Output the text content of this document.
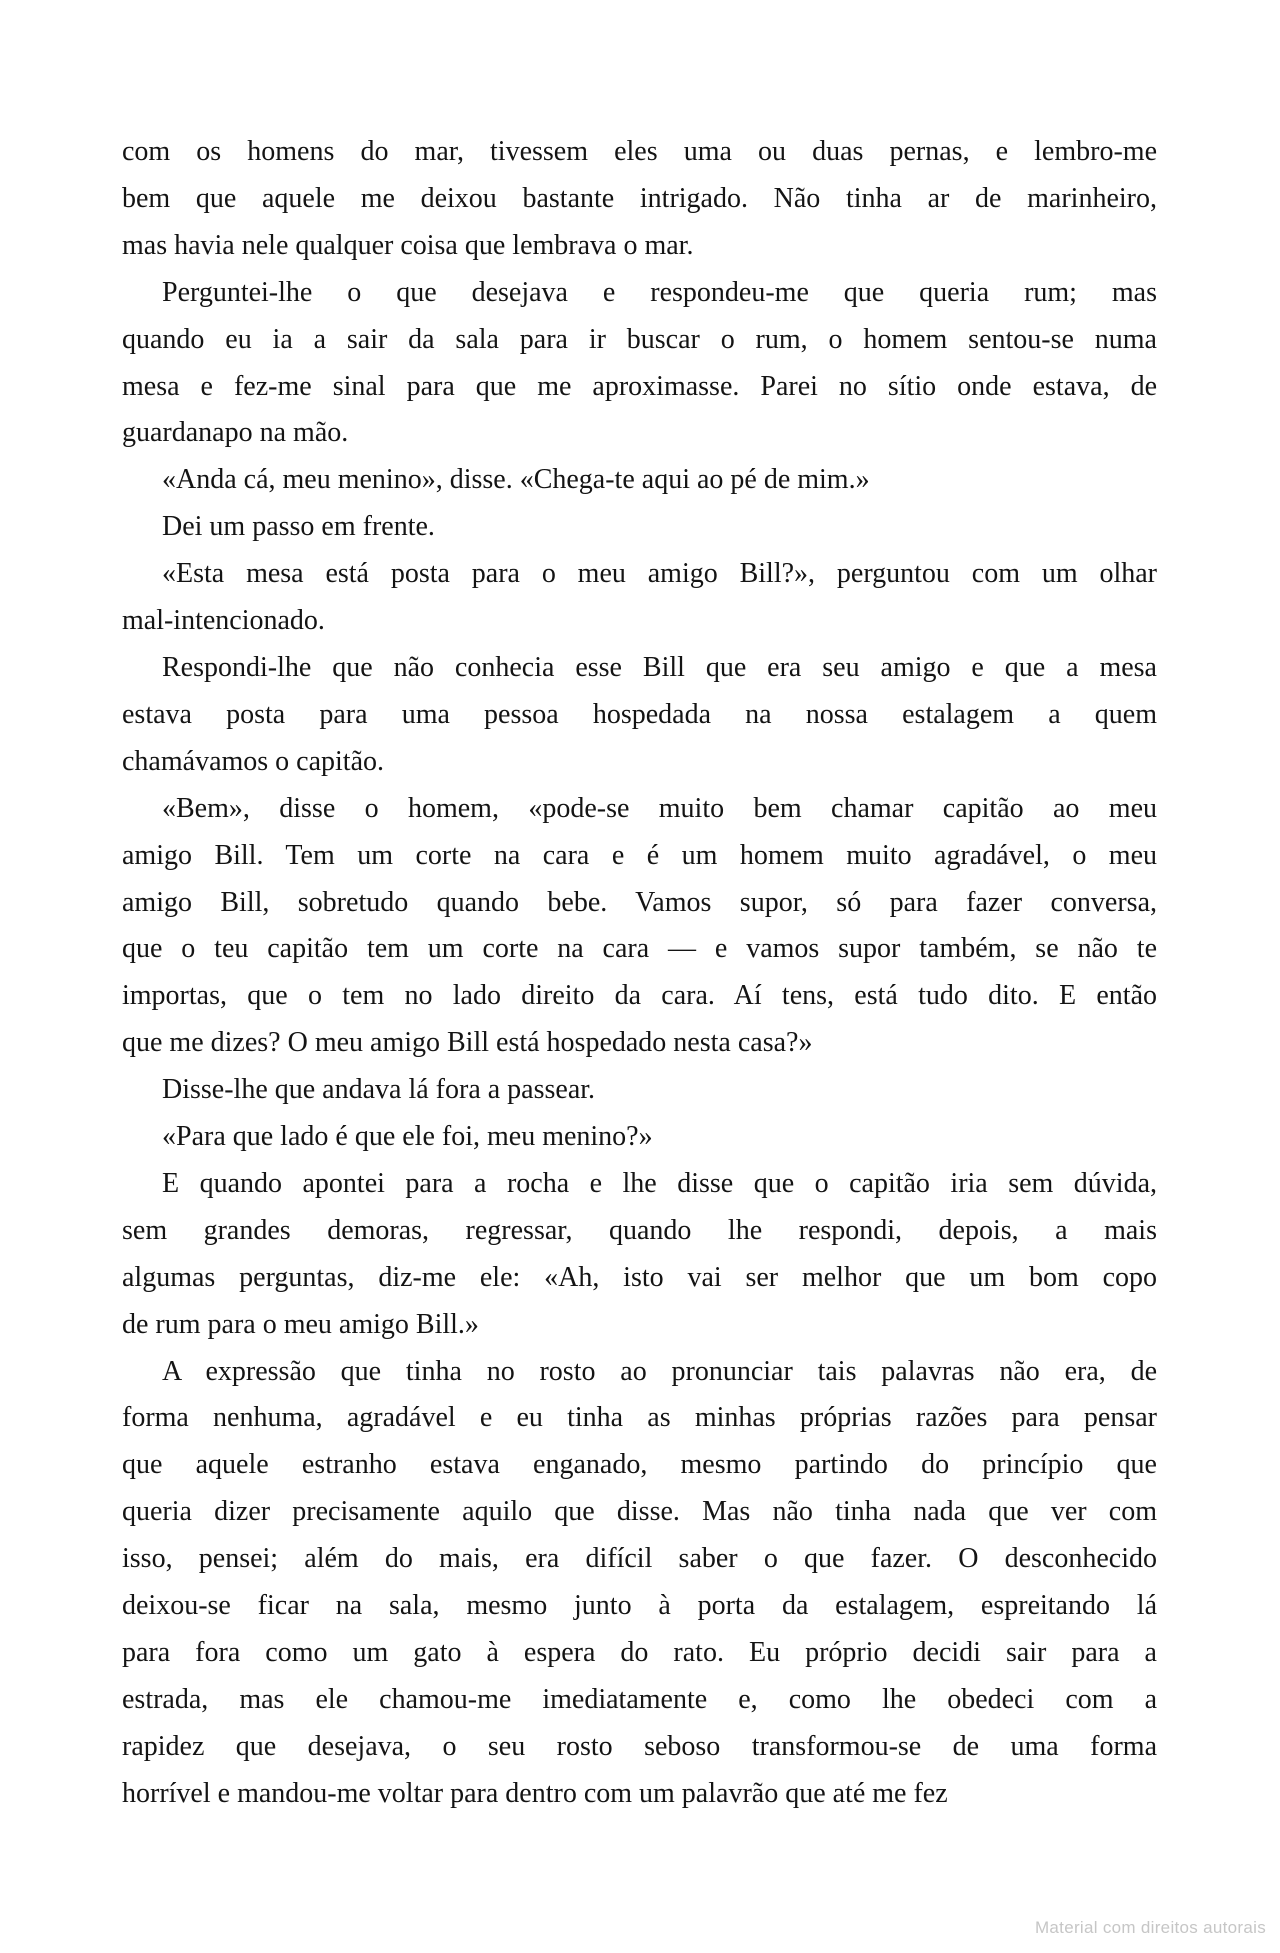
com os homens do mar, tivessem eles uma ou duas pernas, e lembro-me
bem que aquele me deixou bastante intrigado. Não tinha ar de marinheiro,
mas havia nele qualquer coisa que lembrava o mar.

Perguntei-lhe o que desejava e respondeu-me que queria rum; mas
quando eu ia a sair da sala para ir buscar o rum, o homem sentou-se numa
mesa e fez-me sinal para que me aproximasse. Parei no sítio onde estava, de
guardanapo na mão.

«Anda cá, meu menino», disse. «Chega-te aqui ao pé de mim.»

Dei um passo em frente.

«Esta mesa está posta para o meu amigo Bill?», perguntou com um olhar
mal-intencionado.

Respondi-lhe que não conhecia esse Bill que era seu amigo e que a mesa
estava posta para uma pessoa hospedada na nossa estalagem a quem
chamávamos o capitão.

«Bem», disse o homem, «pode-se muito bem chamar capitão ao meu
amigo Bill. Tem um corte na cara e é um homem muito agradável, o meu
amigo Bill, sobretudo quando bebe. Vamos supor, só para fazer conversa,
que o teu capitão tem um corte na cara — e vamos supor também, se não te
importas, que o tem no lado direito da cara. Aí tens, está tudo dito. E então
que me dizes? O meu amigo Bill está hospedado nesta casa?»

Disse-lhe que andava lá fora a passear.

«Para que lado é que ele foi, meu menino?»

E quando apontei para a rocha e lhe disse que o capitão iria sem dúvida,
sem grandes demoras, regressar, quando lhe respondi, depois, a mais
algumas perguntas, diz-me ele: «Ah, isto vai ser melhor que um bom copo
de rum para o meu amigo Bill.»

A expressão que tinha no rosto ao pronunciar tais palavras não era, de
forma nenhuma, agradável e eu tinha as minhas próprias razões para pensar
que aquele estranho estava enganado, mesmo partindo do princípio que
queria dizer precisamente aquilo que disse. Mas não tinha nada que ver com
isso, pensei; além do mais, era difícil saber o que fazer. O desconhecido
deixou-se ficar na sala, mesmo junto à porta da estalagem, espreitando lá
para fora como um gato à espera do rato. Eu próprio decidi sair para a
estrada, mas ele chamou-me imediatamente e, como lhe obedeci com a
rapidez que desejava, o seu rosto seboso transformou-se de uma forma
horrível e mandou-me voltar para dentro com um palavrão que até me fez

Material com direitos autorais
